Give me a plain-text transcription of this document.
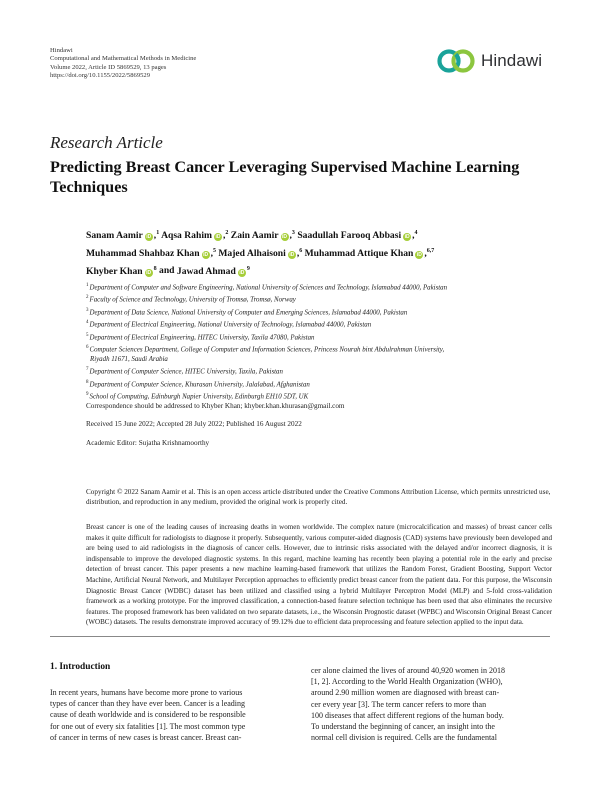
Hindawi
Computational and Mathematical Methods in Medicine
Volume 2022, Article ID 5869529, 13 pages
https://doi.org/10.1155/2022/5869529
Hindawi
Research Article
Predicting Breast Cancer Leveraging Supervised Machine Learning Techniques
Sanam Aamir iD ,$^1$ Aqsa Rahim iD ,$^2$ Zain Aamir iD ,$^3$ Saadullah Farooq Abbasi iD ,$^4$
Muhammad Shahbaz Khan iD ,$^5$ Majed Alhaisoni iD ,$^6$ Muhammad Attique Khan iD ,$^{6,7}$
Khyber Khan $iD^8$ and Jawad Ahmad $iD^9$
$^1$Department of Computer and Software Engineering, National University of Sciences and Technology, Islamabad 44000, Pakistan
$^2$Faculty of Science and Technology, University of Tromsø, Tromsø, Norway
$^3$Department of Data Science, National University of Computer and Emerging Sciences, Islamabad 44000, Pakistan
$^4$Department of Electrical Engineering, National University of Technology, Islamabad 44000, Pakistan
$^5$Department of Electrical Engineering, HITEC University, Taxila 47080, Pakistan
$^6$Computer Sciences Department, College of Computer and Information Sciences, Princess Nourah bint Abdulrahman University,
Riyadh 11671, Saudi Arabia
$^7$Department of Computer Science, HITEC University, Taxila, Pakistan
$^8$Department of Computer Science, Khurasan University, Jalalabad, Afghanistan
$^9$School of Computing, Edinburgh Napier University, Edinburgh EH10 5DT, UK
Correspondence should be addressed to Khyber Khan; khyber.khan.khurasan@gmail.com
Received 15 June 2022; Accepted 28 July 2022; Published 16 August 2022
Academic Editor: Sujatha Krishnamoorthy
Copyright © 2022 Sanam Aamir et al. This is an open access article distributed under the Creative Commons Attribution License, which permits unrestricted use, distribution, and reproduction in any medium, provided the original work is properly cited.
Breast cancer is one of the leading causes of increasing deaths in women worldwide. The complex nature (microcalcification and masses) of breast cancer cells makes it quite difficult for radiologists to diagnose it properly. Subsequently, various computer-aided diagnosis (CAD) systems have previously been developed and are being used to aid radiologists in the diagnosis of cancer cells. However, due to intrinsic risks associated with the delayed and/or incorrect diagnosis, it is indispensable to improve the developed diagnostic systems. In this regard, machine learning has recently been playing a potential role in the early and precise detection of breast cancer. This paper presents a new machine learning-based framework that utilizes the Random Forest, Gradient Boosting, Support Vector Machine, Artificial Neural Network, and Multilayer Perception approaches to efficiently predict breast cancer from the patient data. For this purpose, the Wisconsin Diagnostic Breast Cancer (WDBC) dataset has been utilized and classified using a hybrid Multilayer Perceptron Model (MLP) and 5-fold cross-validation framework as a working prototype. For the improved classification, a connection-based feature selection technique has been used that also eliminates the recursive features. The proposed framework has been validated on two separate datasets, i.e., the Wisconsin Prognostic dataset (WPBC) and Wisconsin Original Breast Cancer (WOBC) datasets. The results demonstrate improved accuracy of 99.12% due to efficient data preprocessing and feature selection applied to the input data.
1. Introduction
In recent years, humans have become more prone to various
types of cancer than they have ever been. Cancer is a leading
cause of death worldwide and is considered to be responsible
for one out of every six fatalities [1]. The most common type
of cancer in terms of new cases is breast cancer. Breast can-
cer alone claimed the lives of around 40,920 women in 2018
[1, 2]. According to the World Health Organization (WHO),
around 2.90 million women are diagnosed with breast can-
cer every year [3]. The term cancer refers to more than
100 diseases that affect different regions of the human body.
To understand the beginning of cancer, an insight into the
normal cell division is required. Cells are the fundamental
